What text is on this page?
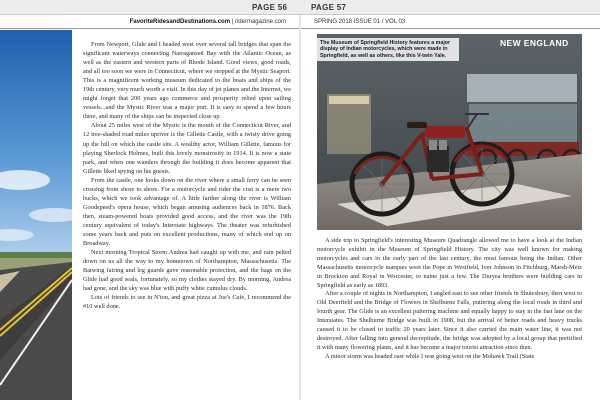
PAGE 56	PAGE 57
FavoriteRidesandDestinations.com | ridermagazine.com	SPRING 2018 ISSUE 01 / VOL 03

From Newport, Glide and I headed west over several tall bridges that span the significant waterways connecting Narragansett Bay with the Atlantic Ocean, as well as the eastern and western parts of Rhode Island. Good views, good roads, and all too soon we were in Connecticut, where we stopped at the Mystic Seaport. This is a magnificent working museum dedicated to the boats and ships of the 19th century, very much worth a visit. In this day of jet planes and the Internet, we might forget that 200 years ago commerce and prosperity relied upon sailing vessels...and the Mystic River was a major port. It is easy to spend a few hours there, and many of the ships can be inspected close up.

About 25 miles west of the Mystic is the mouth of the Connecticut River, and 12 tree-shaded road miles upriver is the Gillette Castle, with a twisty drive going up the hill on which the castle sits. A wealthy actor, William Gillette, famous for playing Sherlock Holmes, built this lovely monstrosity in 1914. It is now a state park, and when one wanders through the building it does become apparent that Gillette liked spying on his guests.

From the castle, one looks down on the river where a small ferry can be seen crossing from shore to shore. For a motorcycle and rider the cost is a mere two bucks, which we took advantage of. A little farther along the river is William Goodspeed's opera house, which began amusing audiences back in 1876. Back then, steam-powered boats provided good access, and the river was the 19th century equivalent of today's Interstate highways. The theater was refurbished some years back and puts on excellent productions, many of which end up on Broadway.

Next morning Tropical Storm Andrea had caught up with me, and rain pelted down on us all the way to my hometown of Northampton, Massachusetts. The Batwing fairing and leg guards gave reasonable protection, and the bags on the Glide had good seals, fortunately, so my clothes stayed dry. By morning, Andrea had gone, and the sky was blue with puffy white cumulus clouds.

Lots of friends to see in N'ton, and great pizza at Joe's Café, I recommend the #10 well done.

NEW ENGLAND
The Museum of Springfield History features a major display of Indian motorcycles, which were made in Springfield, as well as others, like this V-twin Yale.

A side trip to Springfield's interesting Museum Quadrangle allowed me to have a look at the Indian motorcycle exhibit in the Museum of Springfield History. The city was well known for making motorcycles and cars in the early part of the last century, the most famous being the Indian. Other Massachusetts motorcycle marques were the Pope in Westfield, Iver Johnson in Fitchburg, Marsh-Metz in Brockton and Royal in Worcester, to name just a few. The Duryea brothers were building cars in Springfield as early as 1893.

After a couple of nights in Northampton, I angled east to see other friends in Shutesbury, then west to Old Deerfield and the Bridge of Flowers in Shelburne Falls, puttering along the local roads in third and fourth gear. The Glide is an excellent puttering machine and equally happy to stay in the fast lane on the Interstates. The Shelburne Bridge was built in 1908, but the arrival of better roads and heavy trucks caused it to be closed to traffic 20 years later. Since it also carried the main water line, it was not destroyed. After falling into general decrepitude, the bridge was adopted by a local group that prettified it with many flowering plants, and it has become a major tourist attraction since then.

A minor storm was headed east while I was going west on the Mohawk Trail (State
